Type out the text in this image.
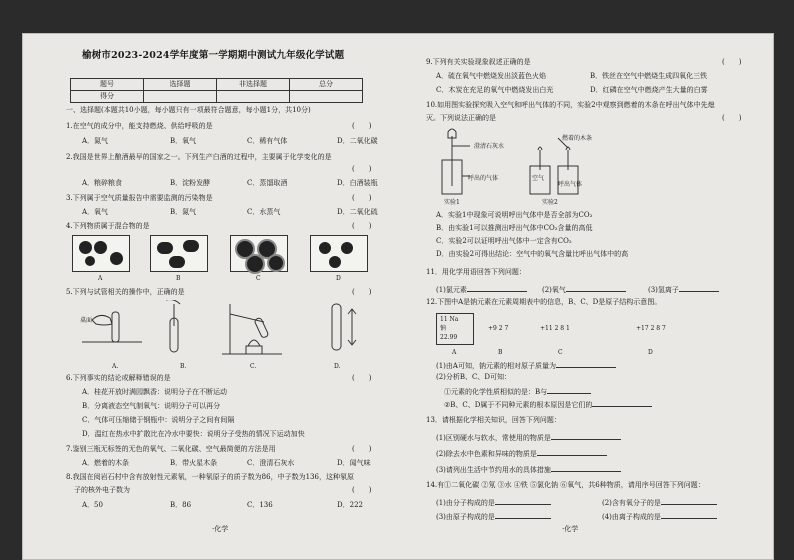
榆树市2023-2024学年度第一学期期中测试九年级化学试题
题号	选择题	非选择题	总分
得分			
一、选择题(本题共10小题，每小题只有一项最符合题意，每小题1分，共10分)
1.在空气的成分中，能支持燃烧、供给呼吸的是	(　　)
A．氮气	B．氧气	C．稀有气体	D．二氧化碳
2.我国是世界上酿酒最早的国家之一。下列生产白酒的过程中，主要属于化学变化的是
(　　)
A．粮碎粮食	B．淀粉发酵	C．蒸馏取酒	D．白酒装瓶
3.下列属于空气质量报告中需要监测的污染物是	(　　)
A．氧气	B．氮气	C．水蒸气	D．二氧化硫
4.下列物质属于混合物的是	(　　)
A	B	C	D
5.下列与试管相关的操作中，正确的是	(　　)
桌面
A.	B.	C.	D.
6.下列事实的结论或解释错误的是	(　　)
A．桂花开放时满园飘香：说明分子在不断运动
B．分离液态空气制氧气：说明分子可以再分
C．气体可压缩储于钢瓶中：说明分子之间有间隔
D．温红在热水中扩散比在冷水中要快：说明分子受热的情况下运动加快
7.鉴别三瓶无标签的无色的氧气、二氧化碳、空气最简便的方法是用	(　　)
A．燃着的木条	B．带火星木条	C．澄清石灰水	D．闻气味
8.我国在阅岩石村中含有放射性元素氡，一种氡原子的质子数为86，中子数为136，这种氡原
子的核外电子数为	(　　)
A．50	B．86	C．136	D．222
·化学
9.下列有关实验现象叙述正确的是	(　　)
A．硫在氧气中燃烧发出淡蓝色火焰	B．铁丝在空气中燃烧生成四氧化三铁
C．木炭在充足的氧气中燃烧发出白光	D．红磷在空气中燃烧产生大量的白雾
10.如用图实验探究吸入空气和呼出气体的不同，实验2中观察到燃着的木条在呼出气体中先熄
灭。下列说法正确的是	(　　)
澄清石灰水
呼出的气体
燃着的木条
空气
呼出气体
实验1	实验2
A．实验1中现象可说明呼出气体中是否全部为CO₂
B．由实验1可以推测出呼出气体中CO₂含量的高低
C．实验2可以证明呼出气体中一定含有CO₂
D．由实验2可得出结论：空气中的氧气含量比呼出气体中的高
11．用化学用语回答下列问题：
(1)氯元素	(2)氧气	(3)氢离子
12.下图中A是钠元素在元素周期表中的信息，B、C、D是原子结构示意图。
11 Na
钠
22.99
+9 2 7	+11 2 8 1	+17 2 8 7
A	B	C	D
(1)由A可知，钠元素的相对原子质量为
(2)分析B、C、D可知：
①元素的化学性质相似的是：B与
②B、C、D属于不同种元素的根本原因是它们的
13．请根据化学相关知识，回答下列问题：
(1)区别硬水与软水，常使用的物质是
(2)除去水中色素和异味的物质是
(3)请列出生活中节约用水的具体措施
14.有①二氧化碳 ②氖 ③水 ④铁 ⑤氯化钠 ⑥氧气，共6种物质，请用序号回答下列问题：
(1)由分子构成的是	(2)含有氧分子的是
(3)由原子构成的是	(4)由离子构成的是
·化学
